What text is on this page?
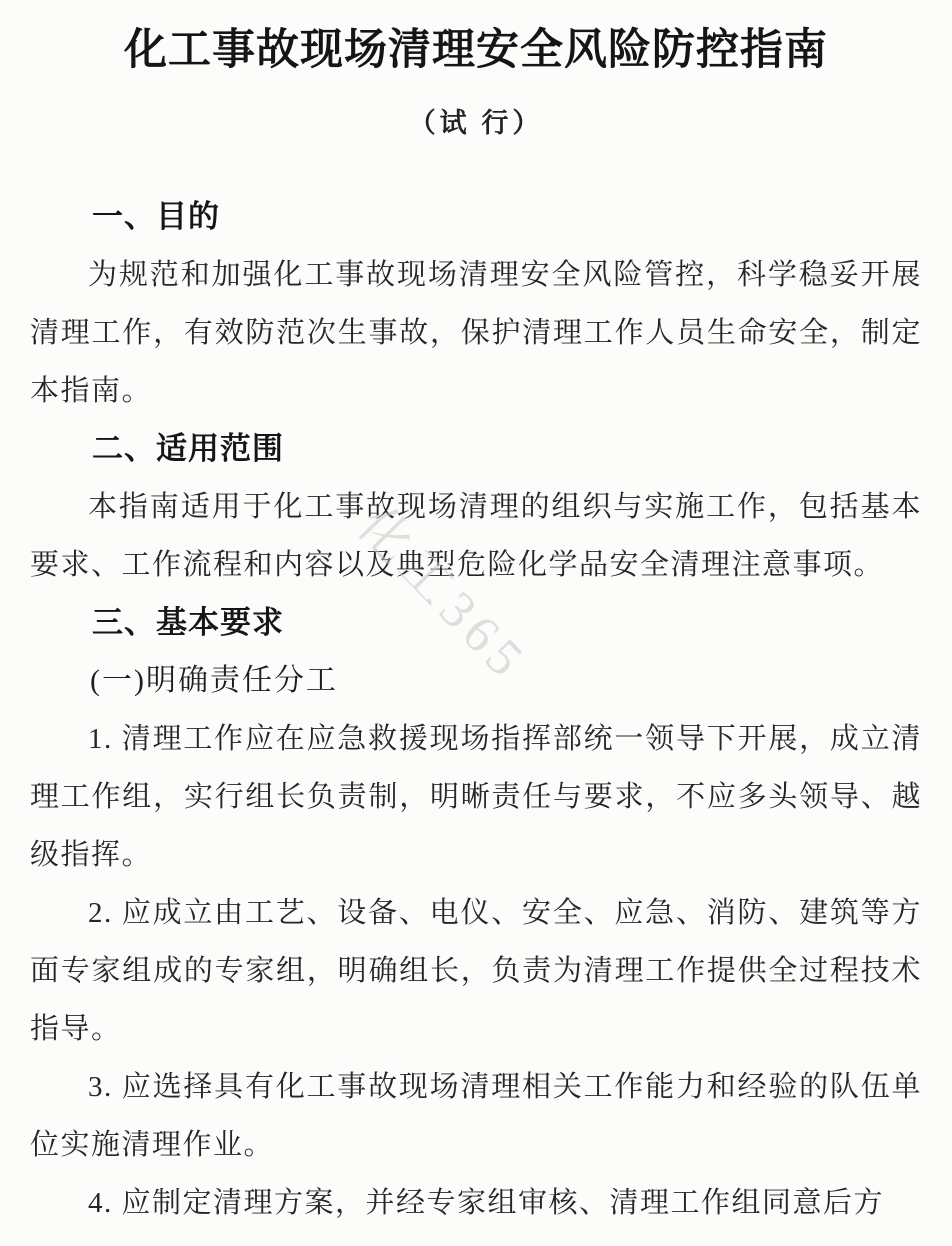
化工365
化工事故现场清理安全风险防控指南
（试 行）
一、目的

为规范和加强化工事故现场清理安全风险管控，科学稳妥开展清理工作，有效防范次生事故，保护清理工作人员生命安全，制定本指南。

二、适用范围

本指南适用于化工事故现场清理的组织与实施工作，包括基本要求、工作流程和内容以及典型危险化学品安全清理注意事项。

三、基本要求
(一)明确责任分工

1. 清理工作应在应急救援现场指挥部统一领导下开展，成立清理工作组，实行组长负责制，明晰责任与要求，不应多头领导、越级指挥。

2. 应成立由工艺、设备、电仪、安全、应急、消防、建筑等方面专家组成的专家组，明确组长，负责为清理工作提供全过程技术指导。

3. 应选择具有化工事故现场清理相关工作能力和经验的队伍单位实施清理作业。

4. 应制定清理方案，并经专家组审核、清理工作组同意后方
